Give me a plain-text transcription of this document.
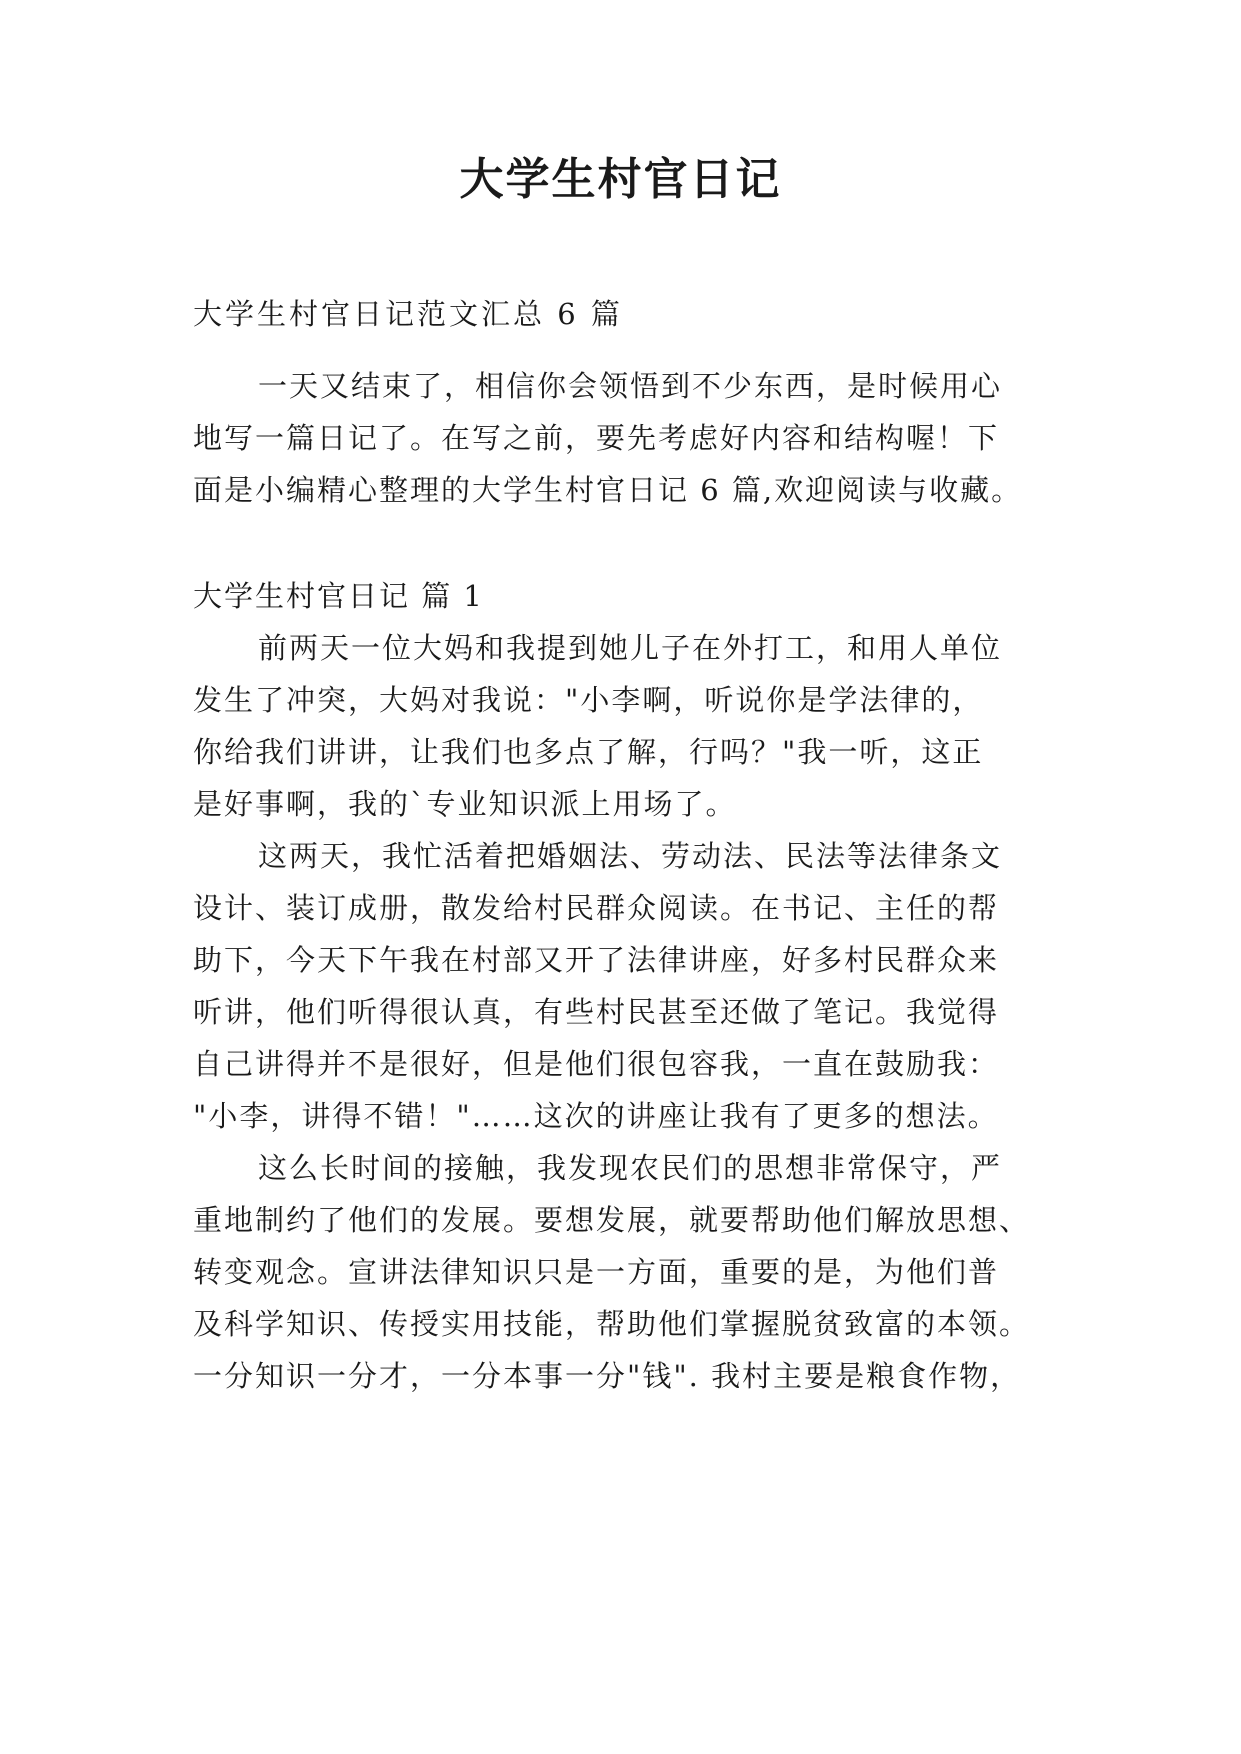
大学生村官日记

大学生村官日记范文汇总 6 篇

一天又结束了，相信你会领悟到不少东西，是时候用心

地写一篇日记了。在写之前，要先考虑好内容和结构喔！下

面是小编精心整理的大学生村官日记 6 篇,欢迎阅读与收藏。

大学生村官日记 篇 1

前两天一位大妈和我提到她儿子在外打工，和用人单位

发生了冲突，大妈对我说："小李啊，听说你是学法律的，

你给我们讲讲，让我们也多点了解，行吗？"我一听，这正

是好事啊，我的`专业知识派上用场了。

这两天，我忙活着把婚姻法、劳动法、民法等法律条文

设计、装订成册，散发给村民群众阅读。在书记、主任的帮

助下，今天下午我在村部又开了法律讲座，好多村民群众来

听讲，他们听得很认真，有些村民甚至还做了笔记。我觉得

自己讲得并不是很好，但是他们很包容我，一直在鼓励我：

"小李，讲得不错！"……这次的讲座让我有了更多的想法。

这么长时间的接触，我发现农民们的思想非常保守，严

重地制约了他们的发展。要想发展，就要帮助他们解放思想、

转变观念。宣讲法律知识只是一方面，重要的是，为他们普

及科学知识、传授实用技能，帮助他们掌握脱贫致富的本领。

一分知识一分才，一分本事一分"钱". 我村主要是粮食作物，
